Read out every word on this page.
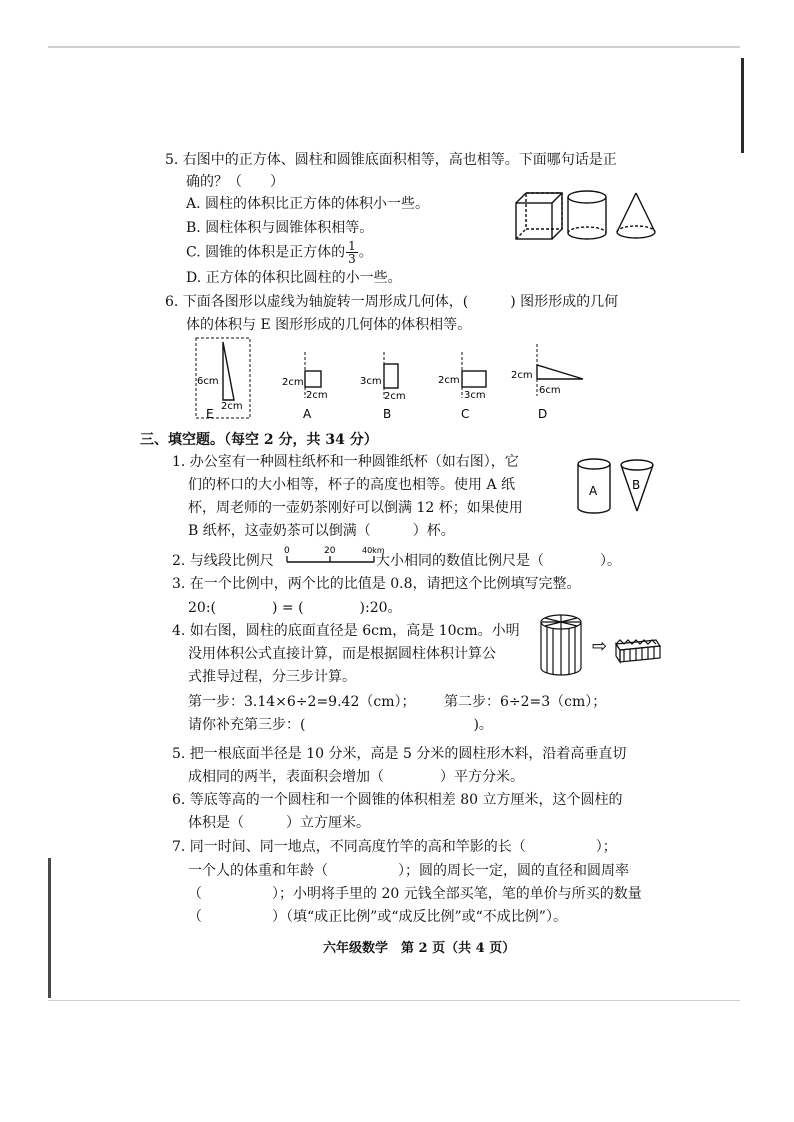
5. 右图中的正方体、圆柱和圆锥底面积相等，高也相等。下面哪句话是正
确的？（　　）
A. 圆柱的体积比正方体的体积小一些。
B. 圆柱体积与圆锥体积相等。
C. 圆锥的体积是正方体的 $\frac{1}{3}$ 。
D. 正方体的体积比圆柱的小一些。
6. 下面各图形以虚线为轴旋转一周形成几何体，(　　　) 图形形成的几何
体的体积与 E 图形形成的几何体的体积相等。
6cm
2cm
E
2cm
2cm
A
3cm
2cm
B
2cm
3cm
C
2cm
6cm
D
三、填空题。（每空 2 分，共 34 分）
1. 办公室有一种圆柱纸杯和一种圆锥纸杯（如右图），它
们的杯口的大小相等，杯子的高度也相等。使用 A 纸
杯，周老师的一壶奶茶刚好可以倒满 12 杯；如果使用
B 纸杯，这壶奶茶可以倒满（　　　）杯。
A	B
2. 与线段比例尺
0	20	40km
大小相同的数值比例尺是（　　　　）。
3. 在一个比例中，两个比的比值是 0.8，请把这个比例填写完整。
20:(　　　　) = (　　　　):20。
4. 如右图，圆柱的底面直径是 6cm，高是 10cm。小明
没用体积公式直接计算，而是根据圆柱体积计算公
式推导过程，分三步计算。
第一步：3.14×6÷2=9.42（cm）； 第二步：6÷2=3（cm）；
请你补充第三步：(　　　　　　　　　　　　)。
⇨
5. 把一根底面半径是 10 分米，高是 5 分米的圆柱形木料，沿着高垂直切
成相同的两半，表面积会增加（　　　　）平方分米。
6. 等底等高的一个圆柱和一个圆锥的体积相差 80 立方厘米，这个圆柱的
体积是（　　　）立方厘米。
7. 同一时间、同一地点，不同高度竹竿的高和竿影的长（　　　　　）；
一个人的体重和年龄（　　　　　）；圆的周长一定，圆的直径和圆周率
（　　　　　）；小明将手里的 20 元钱全部买笔，笔的单价与所买的数量
（　　　　　）（填“成正比例”或“成反比例”或“不成比例”）。
六年级数学　第 2 页（共 4 页）
